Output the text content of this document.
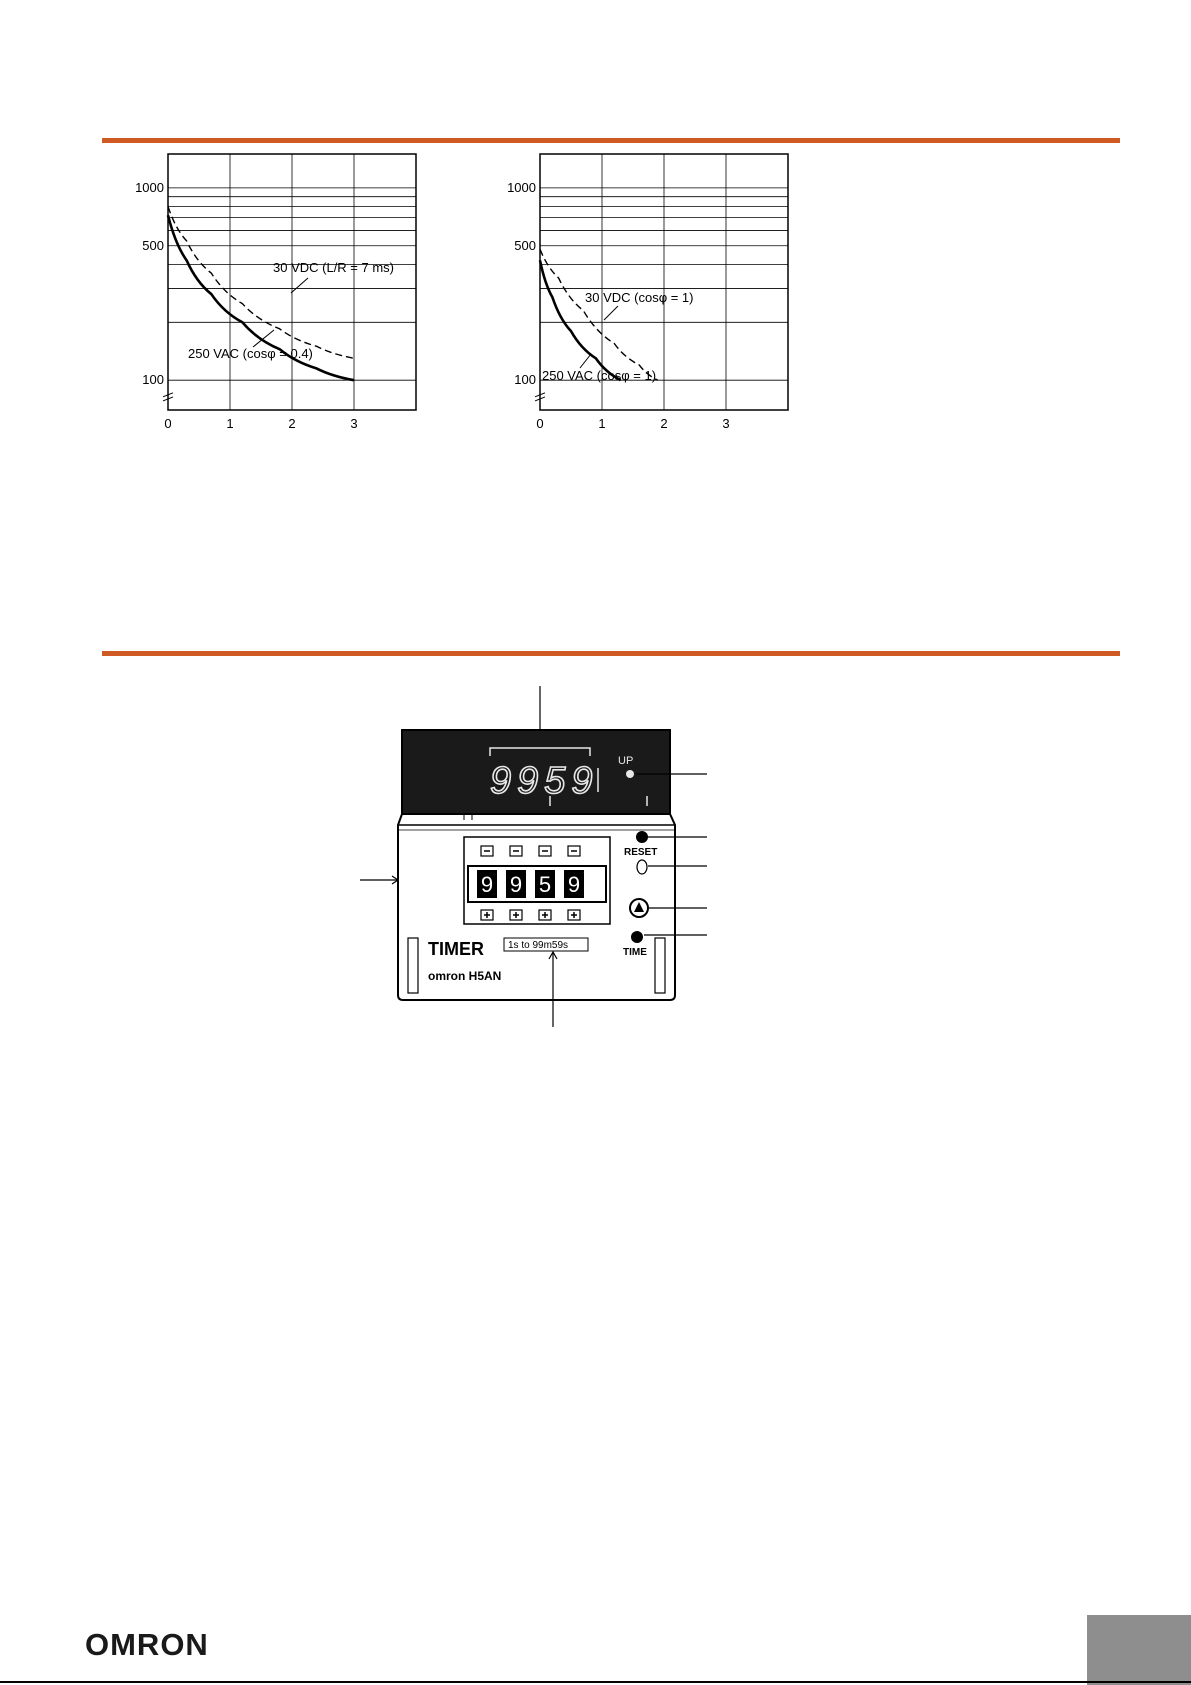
0	1	2	3
100
500
1000
30 VDC (L/R = 7 ms)
250 VAC (cosφ = 0.4)
0	1	2	3
100
500
1000
30 VDC (cosφ = 1)
250 VAC (cosφ = 1)
9959 UP
9 9 5 9
RESET
TIME
TIMER 1s to 99m59s
omron H5AN
OMRON
